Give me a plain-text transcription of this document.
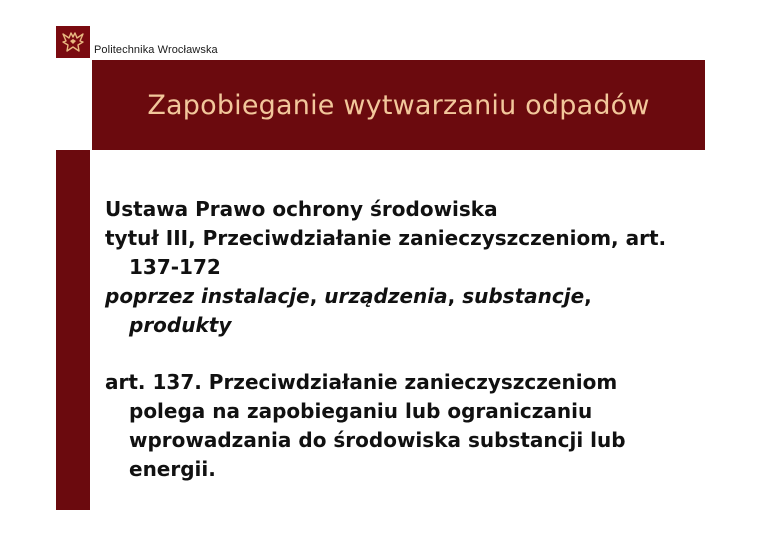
Politechnika Wrocławska
Zapobieganie wytwarzaniu odpadów

Ustawa Prawo ochrony środowiska

tytuł III, Przeciwdziałanie zanieczyszczeniom, art. 137-172

poprzez instalacje, urządzenia, substancje, produkty

art. 137. Przeciwdziałanie zanieczyszczeniom polega na zapobieganiu lub ograniczaniu wprowadzania do środowiska substancji lub energii.
